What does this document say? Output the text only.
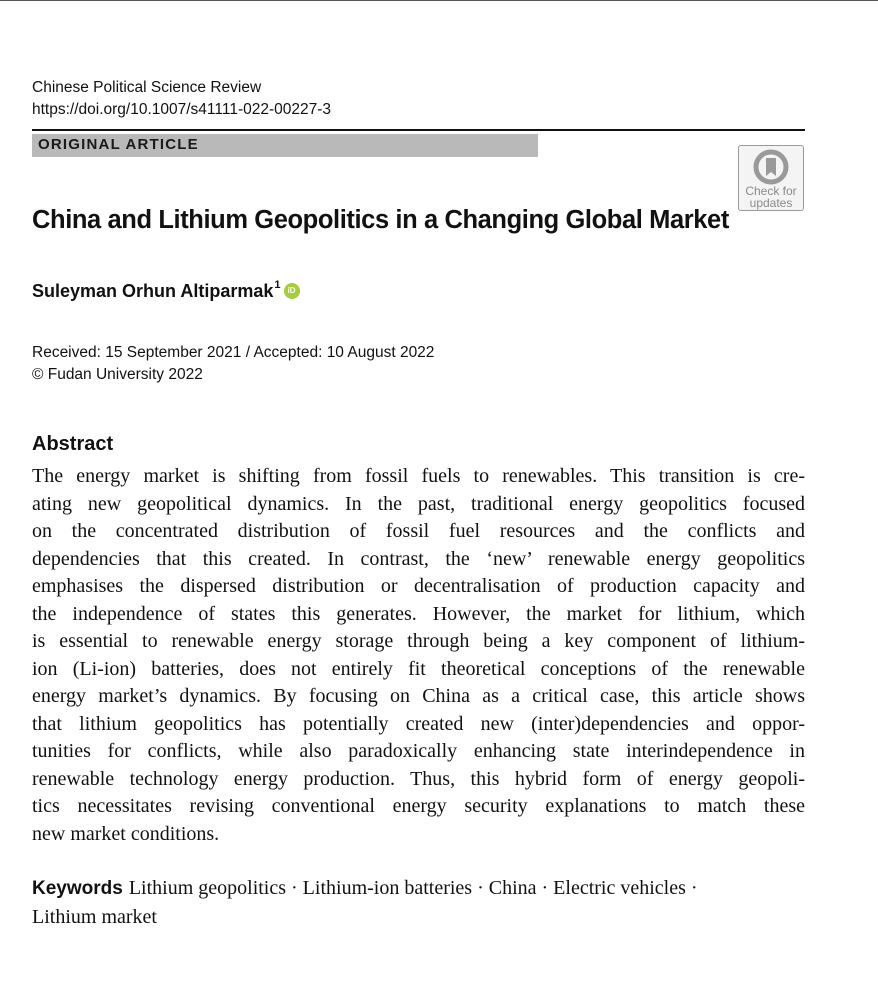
Chinese Political Science Review
https://doi.org/10.1007/s41111-022-00227-3
ORIGINAL ARTICLE
Check for
updates
China and Lithium Geopolitics in a Changing Global Market
Suleyman Orhun Altiparmak$^1$ iD
Received: 15 September 2021 / Accepted: 10 August 2022
© Fudan University 2022
Abstract
The energy market is shifting from fossil fuels to renewables. This transition is cre-
ating new geopolitical dynamics. In the past, traditional energy geopolitics focused
on the concentrated distribution of fossil fuel resources and the conflicts and
dependencies that this created. In contrast, the ‘new’ renewable energy geopolitics
emphasises the dispersed distribution or decentralisation of production capacity and
the independence of states this generates. However, the market for lithium, which
is essential to renewable energy storage through being a key component of lithium-
ion (Li-ion) batteries, does not entirely fit theoretical conceptions of the renewable
energy market’s dynamics. By focusing on China as a critical case, this article shows
that lithium geopolitics has potentially created new (inter)dependencies and oppor-
tunities for conflicts, while also paradoxically enhancing state interindependence in
renewable technology energy production. Thus, this hybrid form of energy geopoli-
tics necessitates revising conventional energy security explanations to match these
new market conditions.
Keywords Lithium geopolitics · Lithium-ion batteries · China · Electric vehicles ·
Lithium market
